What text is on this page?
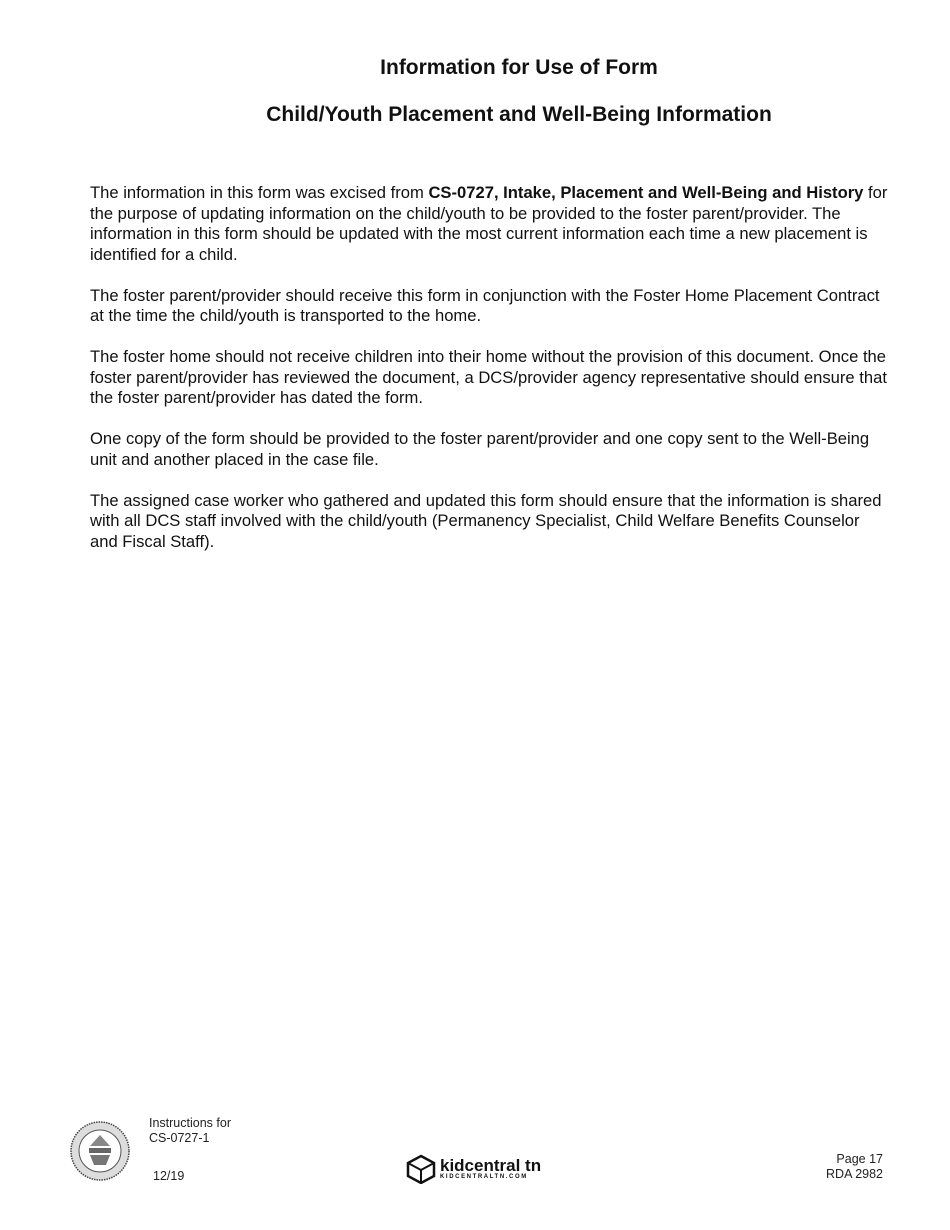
Information for Use of Form
Child/Youth Placement and Well-Being Information

The information in this form was excised from CS-0727, Intake, Placement and Well-Being and History for the purpose of updating information on the child/youth to be provided to the foster parent/provider. The information in this form should be updated with the most current information each time a new placement is identified for a child.

The foster parent/provider should receive this form in conjunction with the Foster Home Placement Contract at the time the child/youth is transported to the home.

The foster home should not receive children into their home without the provision of this document. Once the foster parent/provider has reviewed the document, a DCS/provider agency representative should ensure that the foster parent/provider has dated the form.

One copy of the form should be provided to the foster parent/provider and one copy sent to the Well-Being unit and another placed in the case file.

The assigned case worker who gathered and updated this form should ensure that the information is shared with all DCS staff involved with the child/youth (Permanency Specialist, Child Welfare Benefits Counselor and Fiscal Staff).

Instructions for
CS-0727-1
12/19
kidcentral tn
KIDCENTRALTN.COM
Page 17
RDA 2982
